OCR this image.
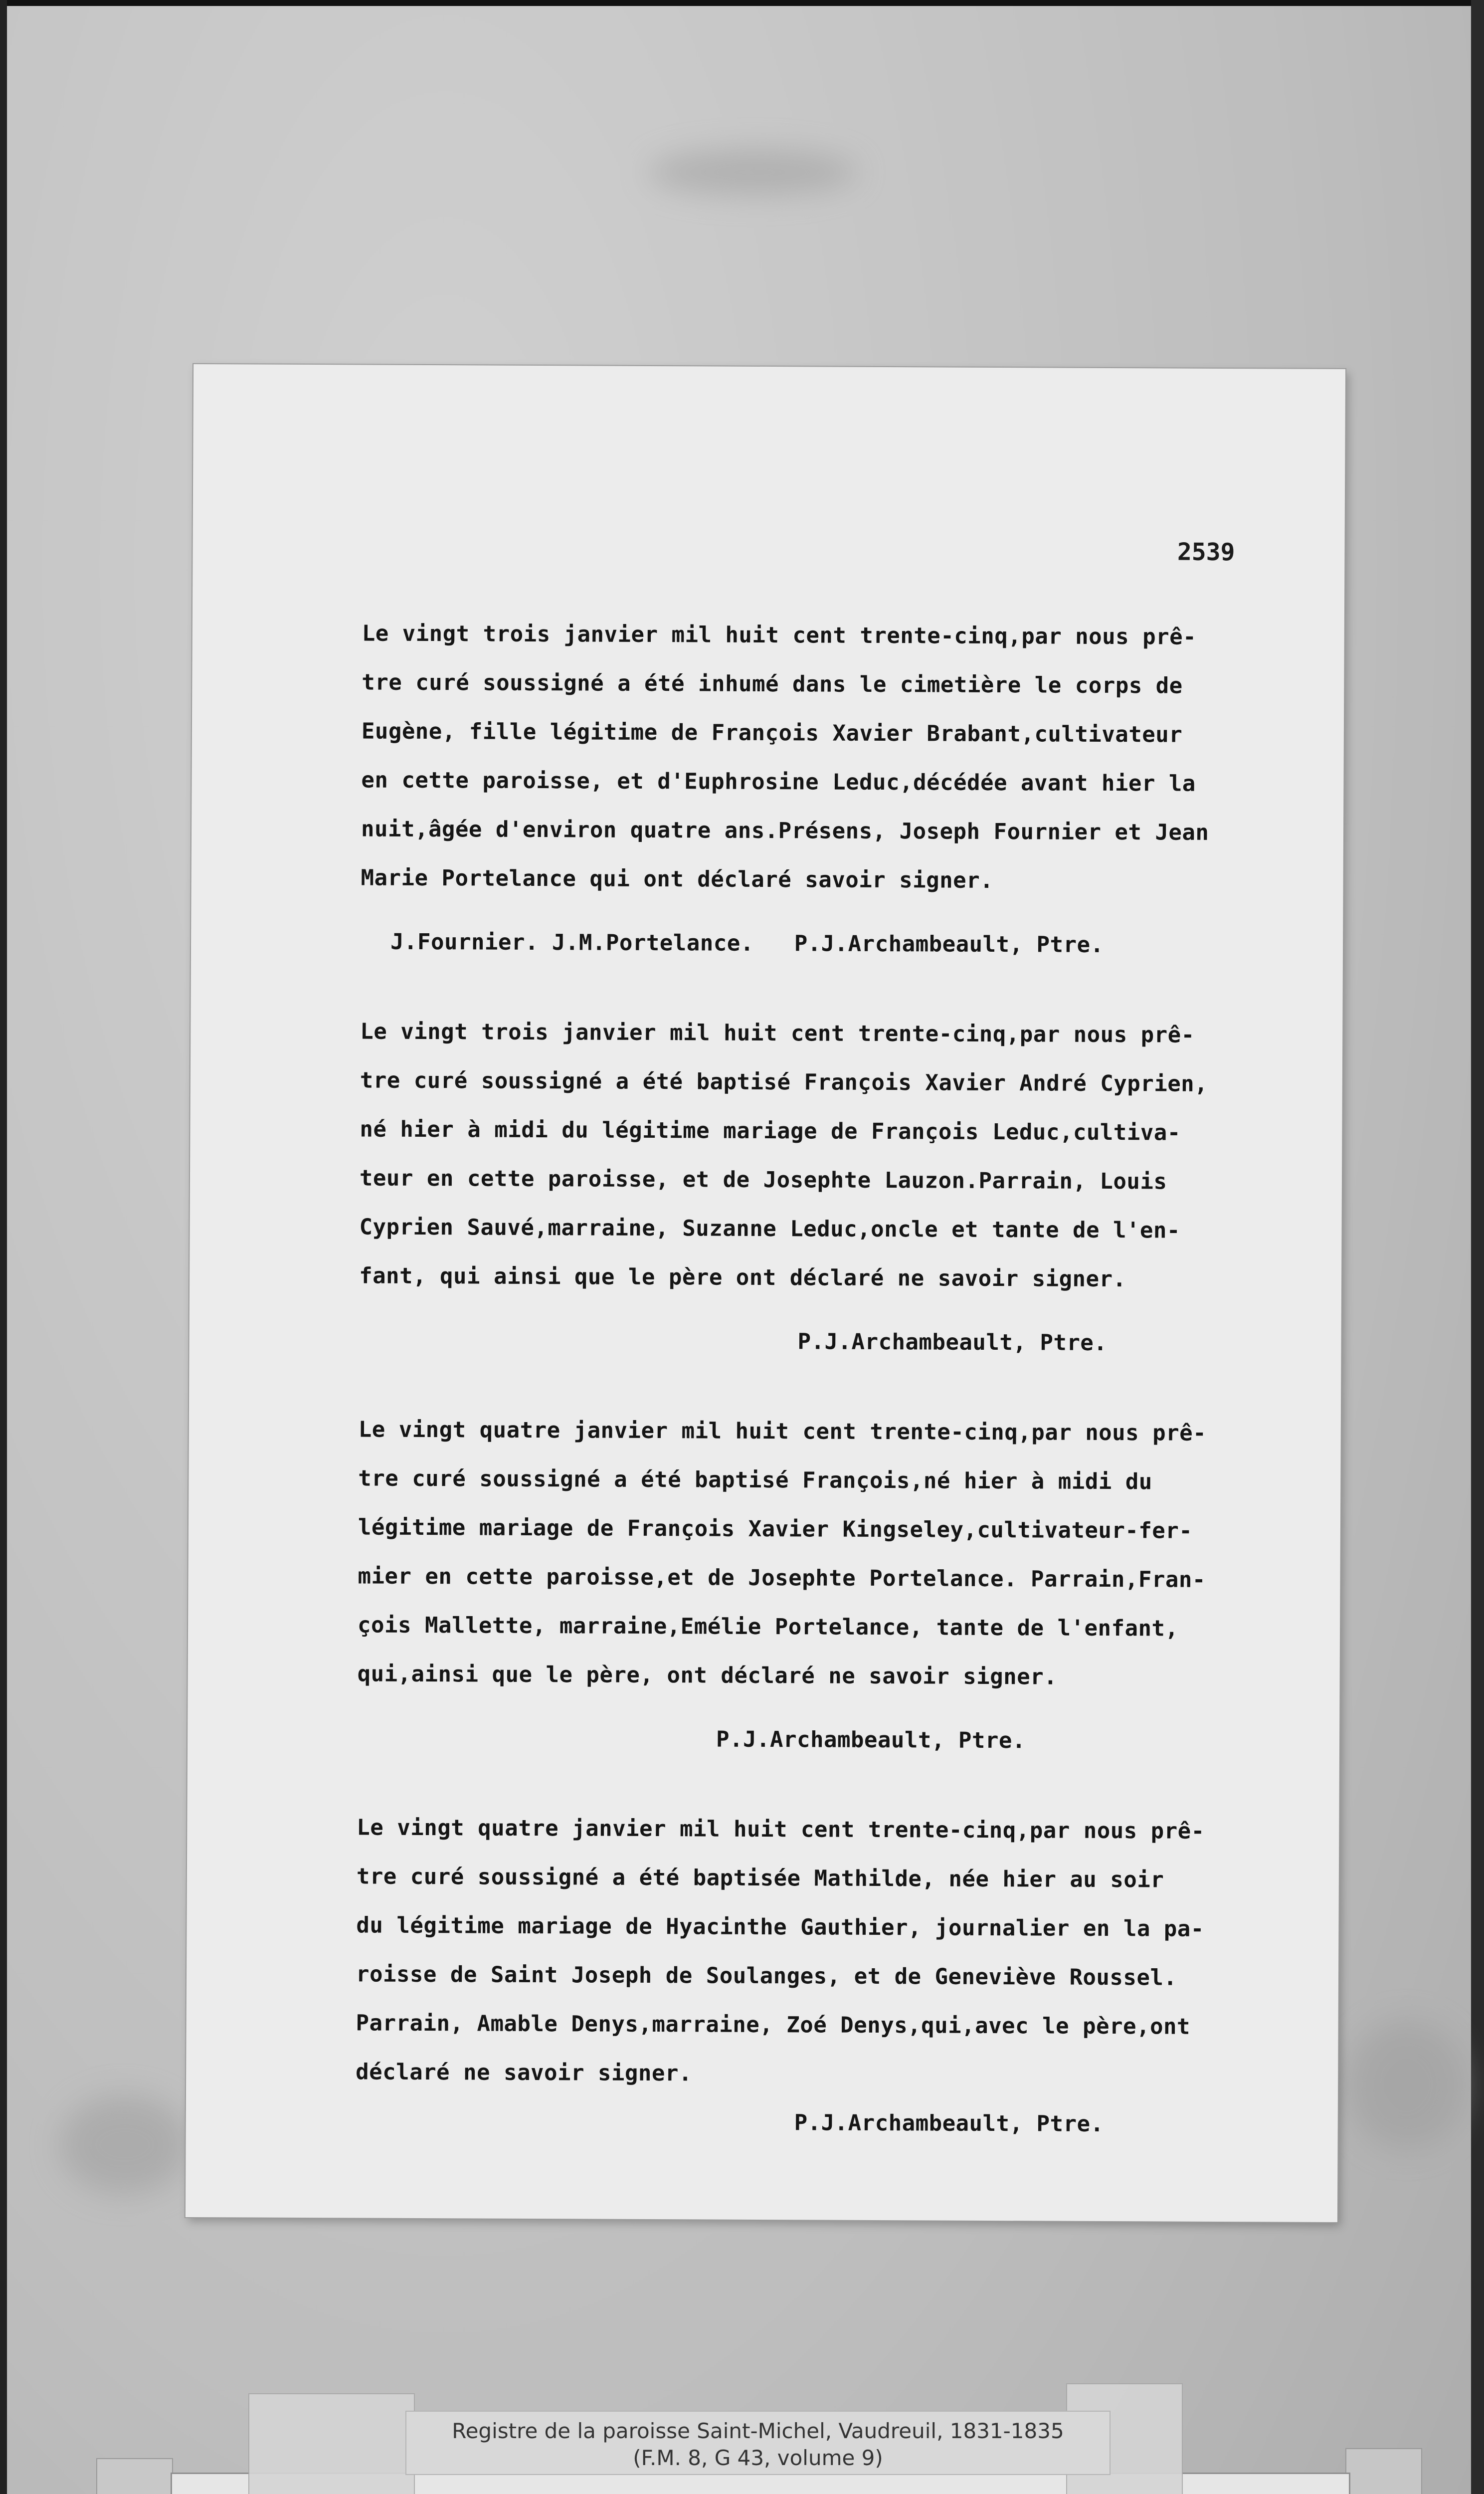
2539
Le vingt trois janvier mil huit cent trente-cinq,par nous prê-
tre curé soussigné a été inhumé dans le cimetière le corps de
Eugène, fille légitime de François Xavier Brabant,cultivateur
en cette paroisse, et d'Euphrosine Leduc,décédée avant hier la
nuit,âgée d'environ quatre ans.Présens, Joseph Fournier et Jean
Marie Portelance qui ont déclaré savoir signer.
J.Fournier. J.M.Portelance.   P.J.Archambeault, Ptre.
Le vingt trois janvier mil huit cent trente-cinq,par nous prê-
tre curé soussigné a été baptisé François Xavier André Cyprien,
né hier à midi du légitime mariage de François Leduc,cultiva-
teur en cette paroisse, et de Josephte Lauzon.Parrain, Louis
Cyprien Sauvé,marraine, Suzanne Leduc,oncle et tante de l'en-
fant, qui ainsi que le père ont déclaré ne savoir signer.
P.J.Archambeault, Ptre.
Le vingt quatre janvier mil huit cent trente-cinq,par nous prê-
tre curé soussigné a été baptisé François,né hier à midi du
légitime mariage de François Xavier Kingseley,cultivateur-fer-
mier en cette paroisse,et de Josephte Portelance. Parrain,Fran-
çois Mallette, marraine,Emélie Portelance, tante de l'enfant,
qui,ainsi que le père, ont déclaré ne savoir signer.
P.J.Archambeault, Ptre.
Le vingt quatre janvier mil huit cent trente-cinq,par nous prê-
tre curé soussigné a été baptisée Mathilde, née hier au soir
du légitime mariage de Hyacinthe Gauthier, journalier en la pa-
roisse de Saint Joseph de Soulanges, et de Geneviève Roussel.
Parrain, Amable Denys,marraine, Zoé Denys,qui,avec le père,ont
déclaré ne savoir signer.
P.J.Archambeault, Ptre.
Registre de la paroisse Saint-Michel, Vaudreuil, 1831-1835
(F.M. 8, G 43, volume 9)
